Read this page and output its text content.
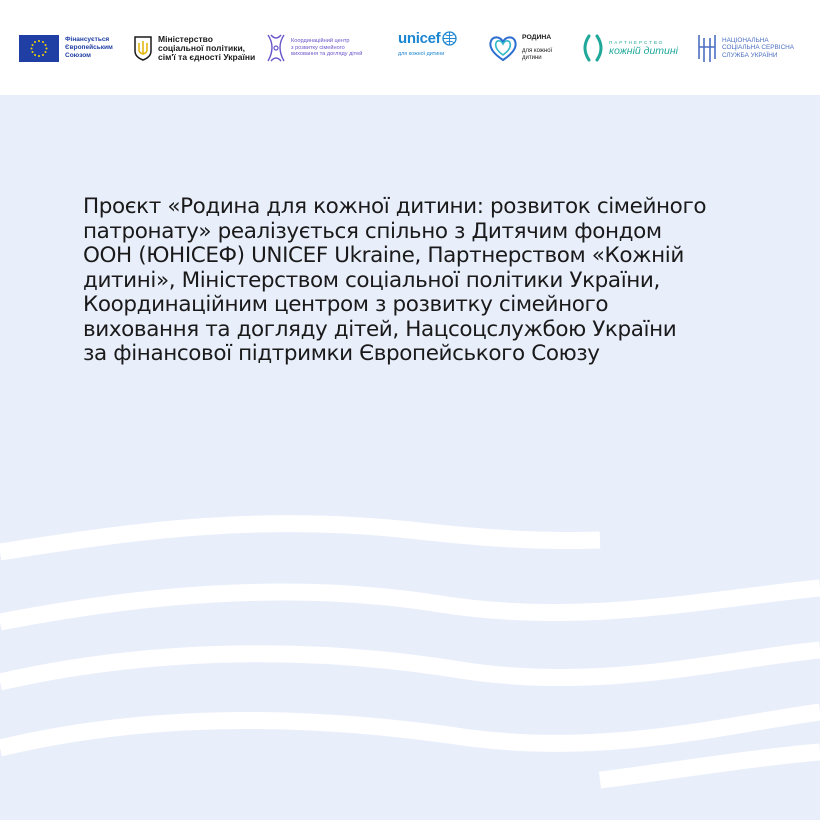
Фінансується
Європейським
Союзом
Міністерство
соціальної політики,
сім'ї та єдності України
Координаційний центр
з розвитку сімейного
виховання та догляду дітей
unicef
для кожної дитини

РОДИНА

для кожної
дитини

ПАРТНЕРСТВО
кожній дитині
НАЦІОНАЛЬНА
СОЦІАЛЬНА СЕРВІСНА
СЛУЖБА УКРАЇНИ
Проєкт «Родина для кожної дитини: розвиток сімейного
патронату» реалізується спільно з Дитячим фондом
ООН (ЮНІСЕФ) UNICEF Ukraine, Партнерством «Кожній
дитині», Міністерством соціальної політики України,
Координаційним центром з розвитку сімейного
виховання та догляду дітей, Нацсоцслужбою України
за фінансової підтримки Європейського Союзу
